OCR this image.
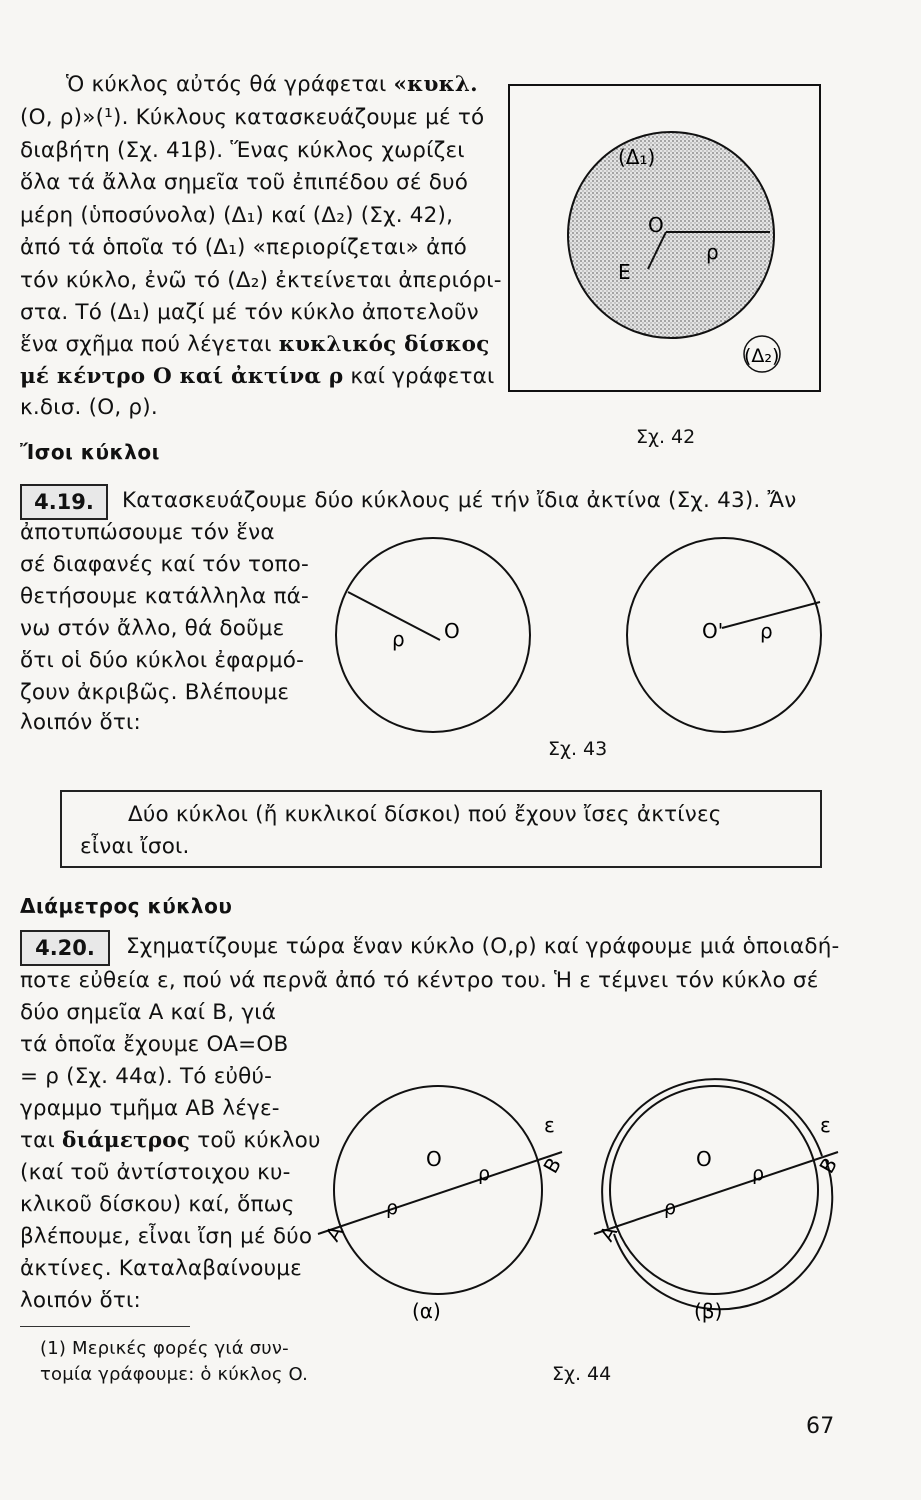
Ὁ κύκλος αὐτός θά γράφεται «κυκλ.
(O, ρ)»(¹). Κύκλους κατασκευάζουμε μέ τό
διαβήτη (Σχ. 41β). Ἕνας κύκλος χωρίζει
ὅλα τά ἄλλα σημεῖα τοῦ ἐπιπέδου σέ δυό
μέρη (ὑποσύνολα) (Δ₁) καί (Δ₂) (Σχ. 42),
ἀπό τά ὁποῖα τό (Δ₁) «περιορίζεται» ἀπό
τόν κύκλο, ἐνῶ τό (Δ₂) ἐκτείνεται ἀπεριόρι-
στα. Τό (Δ₁) μαζί μέ τόν κύκλο ἀποτελοῦν
ἕνα σχῆμα πού λέγεται κυκλικός δίσκος
μέ κέντρο O καί ἀκτίνα ρ καί γράφεται
κ.δισ. (O, ρ).
(Δ₁)
O
E
ρ
(Δ₂)
Σχ. 42
Ἴσοι κύκλοι
4.19.	Κατασκευάζουμε δύο κύκλους μέ τήν ἴδια ἀκτίνα (Σχ. 43). Ἄν
ἀποτυπώσουμε τόν ἕνα
σέ διαφανές καί τόν τοπο-
θετήσουμε κατάλληλα πά-
νω στόν ἄλλο, θά δοῦμε
ὅτι οἱ δύο κύκλοι ἐφαρμό-
ζουν ἀκριβῶς. Βλέπουμε
λοιπόν ὅτι:
ρ O	O' ρ
Σχ. 43
Δύο κύκλοι (ἤ κυκλικοί δίσκοι) πού ἔχουν ἴσες ἀκτίνες
εἶναι ἴσοι.
Διάμετρος κύκλου
4.20.	Σχηματίζουμε τώρα ἕναν κύκλο (O,ρ) καί γράφουμε μιά ὁποιαδή-
ποτε εὐθεία ε, πού νά περνᾶ ἀπό τό κέντρο του. Ἡ ε τέμνει τόν κύκλο σέ
δύο σημεῖα A καί B, γιά
τά ὁποῖα ἔχουμε OA=OB
= ρ (Σχ. 44α). Τό εὐθύ-
γραμμο τμῆμα AB λέγε-
ται διάμετρος τοῦ κύκλου
(καί τοῦ ἀντίστοιχου κυ-
κλικοῦ δίσκου) καί, ὅπως
βλέπουμε, εἶναι ἴση μέ δύο
ἀκτίνες. Καταλαβαίνουμε
λοιπόν ὅτι:
ε
O
ρ
ρ
B
A
(α)
ε
O
ρ
ρ
B
A
(β)
Σχ. 44
(1) Μερικές φορές γιά συν-
τομία γράφουμε: ὁ κύκλος O.
67
